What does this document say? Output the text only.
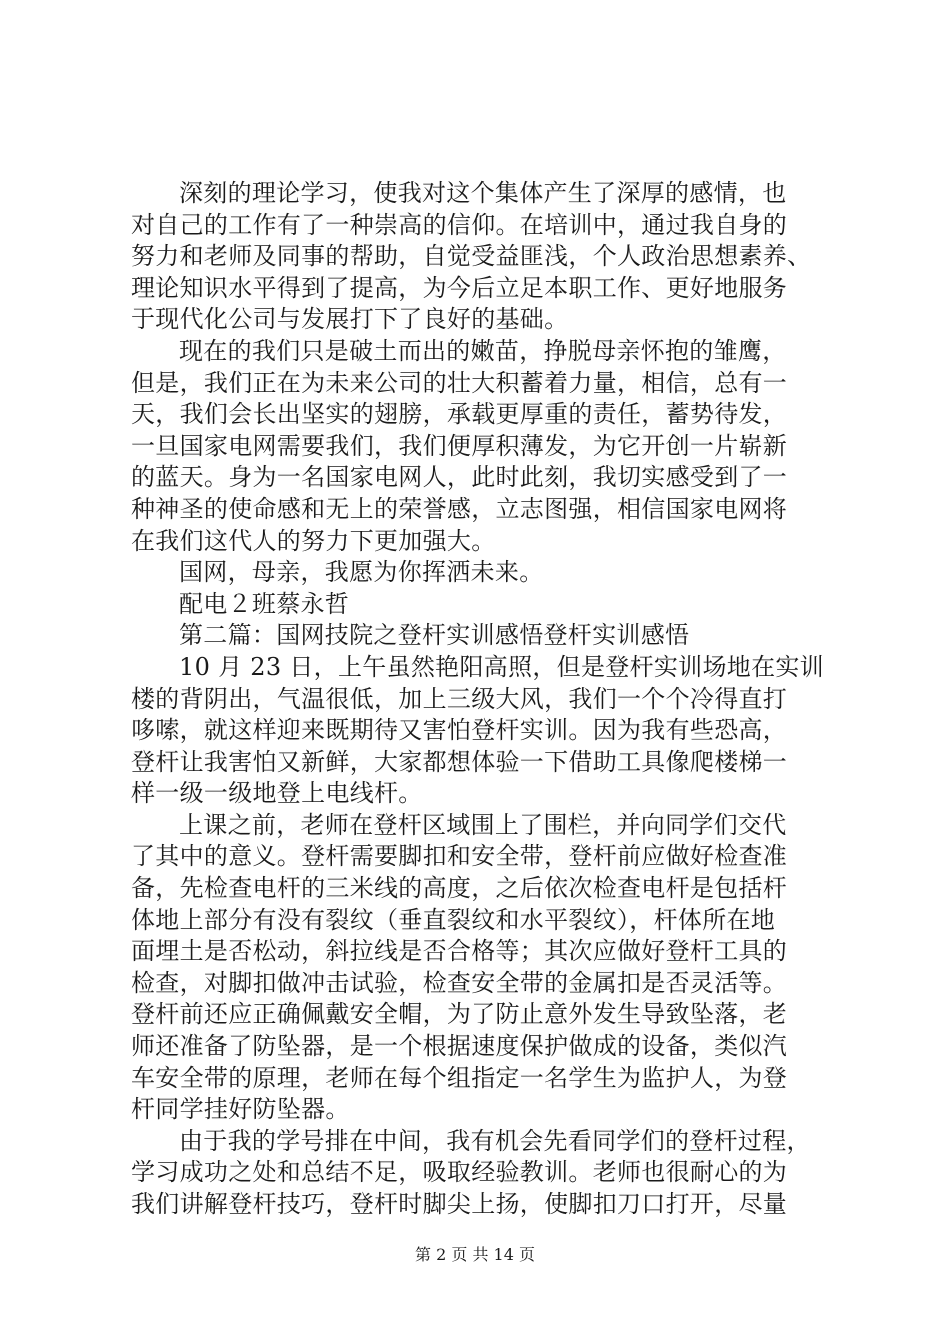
深刻的理论学习，使我对这个集体产生了深厚的感情，也
对自己的工作有了一种崇高的信仰。在培训中，通过我自身的
努力和老师及同事的帮助，自觉受益匪浅，个人政治思想素养、
理论知识水平得到了提高，为今后立足本职工作、更好地服务
于现代化公司与发展打下了良好的基础。
现在的我们只是破土而出的嫩苗，挣脱母亲怀抱的雏鹰，
但是，我们正在为未来公司的壮大积蓄着力量，相信，总有一
天，我们会长出坚实的翅膀，承载更厚重的责任，蓄势待发，
一旦国家电网需要我们，我们便厚积薄发，为它开创一片崭新
的蓝天。身为一名国家电网人，此时此刻，我切实感受到了一
种神圣的使命感和无上的荣誉感，立志图强，相信国家电网将
在我们这代人的努力下更加强大。
国网，母亲，我愿为你挥洒未来。
配电２班蔡永哲
第二篇：国网技院之登杆实训感悟登杆实训感悟
10 月 23 日，上午虽然艳阳高照，但是登杆实训场地在实训
楼的背阴出，气温很低，加上三级大风，我们一个个冷得直打
哆嗦，就这样迎来既期待又害怕登杆实训。因为我有些恐高，
登杆让我害怕又新鲜，大家都想体验一下借助工具像爬楼梯一
样一级一级地登上电线杆。
上课之前，老师在登杆区域围上了围栏，并向同学们交代
了其中的意义。登杆需要脚扣和安全带，登杆前应做好检查准
备，先检查电杆的三米线的高度，之后依次检查电杆是包括杆
体地上部分有没有裂纹（垂直裂纹和水平裂纹），杆体所在地
面埋土是否松动，斜拉线是否合格等；其次应做好登杆工具的
检查，对脚扣做冲击试验，检查安全带的金属扣是否灵活等。
登杆前还应正确佩戴安全帽，为了防止意外发生导致坠落，老
师还准备了防坠器，是一个根据速度保护做成的设备，类似汽
车安全带的原理，老师在每个组指定一名学生为监护人，为登
杆同学挂好防坠器。
由于我的学号排在中间，我有机会先看同学们的登杆过程，
学习成功之处和总结不足，吸取经验教训。老师也很耐心的为
我们讲解登杆技巧，登杆时脚尖上扬，使脚扣刀口打开，尽量
第 2 页 共 14 页
